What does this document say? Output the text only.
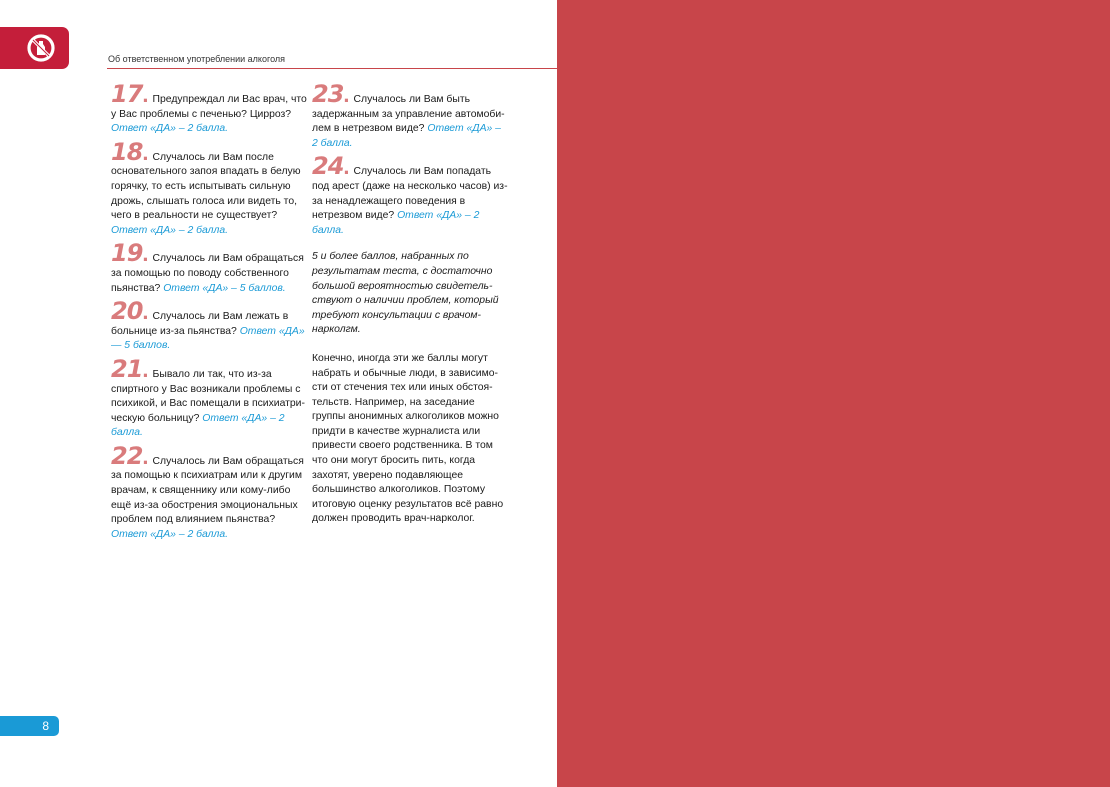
Об ответственном употреблении алкоголя
17. Предупреждал ли Вас врач, что у Вас проблемы с печенью? Цирроз? Ответ «ДА» – 2 балла.
18. Случалось ли Вам после основательного запоя впадать в белую горячку, то есть испытывать сильную дрожь, слышать голоса или видеть то, чего в реальности не существует? Ответ «ДА» – 2 балла.
19. Случалось ли Вам обращаться за помощью по поводу собственного пьянства? Ответ «ДА» – 5 баллов.
20. Случалось ли Вам лежать в больнице из-за пьянства? Ответ «ДА» — 5 баллов.
21. Бывало ли так, что из-за спиртного у Вас возникали проблемы с психикой, и Вас помещали в психиатри-ческую больницу? Ответ «ДА» – 2 балла.
22. Случалось ли Вам обращаться за помощью к психиатрам или к другим врачам, к священнику или кому-либо ещё из-за обострения эмоциональных проблем под влиянием пьянства? Ответ «ДА» – 2 балла.
23. Случалось ли Вам быть задержанным за управление автомоби-лем в нетрезвом виде? Ответ «ДА» – 2 балла.
24. Случалось ли Вам попадать под арест (даже на несколько часов) из-за ненадлежащего поведения в нетрезвом виде? Ответ «ДА» – 2 балла.
5 и более баллов, набранных по результатам теста, с достаточно большой вероятностью свидетель-ствуют о наличии проблем, который требуют консультации с врачом-нарколгм.
Конечно, иногда эти же баллы могут набрать и обычные люди, в зависимо-сти от стечения тех или иных обстоя-тельств. Например, на заседание группы анонимных алкоголиков можно придти в качестве журналиста или привести своего родственника. В том что они могут бросить пить, когда захотят, уверено подавляющее большинство алкоголиков. Поэтому итоговую оценку результатов всё равно должен проводить врач-нарколог.
8
